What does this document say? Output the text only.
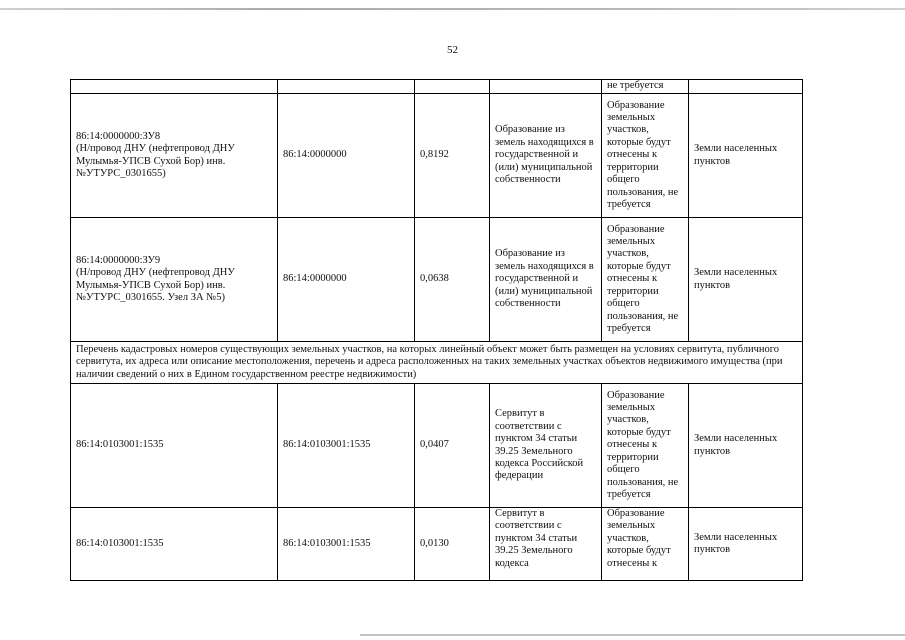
52
				не требуется	
86:14:0000000:ЗУ8
(Н/провод ДНУ (нефтепровод ДНУ Мулымья-УПСВ Сухой Бор) инв.№УТУРС_0301655)	86:14:0000000	0,8192	Образование из земель находящихся в государственной и (или) муниципальной собственности	Образование земельных участков, которые будут отнесены к территории общего пользования, не требуется	Земли населенных пунктов
86:14:0000000:ЗУ9
(Н/провод ДНУ (нефтепровод ДНУ Мулымья-УПСВ Сухой Бор) инв.№УТУРС_0301655. Узел ЗА №5)	86:14:0000000	0,0638	Образование из земель находящихся в государственной и (или) муниципальной собственности	Образование земельных участков, которые будут отнесены к территории общего пользования, не требуется	Земли населенных пунктов
Перечень кадастровых номеров существующих земельных участков, на которых линейный объект может быть размещен на условиях сервитута, публичного сервитута, их адреса или описание местоположения, перечень и адреса расположенных на таких земельных участках объектов недвижимого имущества (при наличии сведений о них в Едином государственном реестре недвижимости)					
86:14:0103001:1535	86:14:0103001:1535	0,0407	Сервитут в соответствии с пунктом 34 статьи 39.25 Земельного кодекса Российской федерации	Образование земельных участков, которые будут отнесены к территории общего пользования, не требуется	Земли населенных пунктов
86:14:0103001:1535	86:14:0103001:1535	0,0130	Сервитут в соответствии с пунктом 34 статьи 39.25 Земельного кодекса	Образование земельных участков, которые будут отнесены к	Земли населенных пунктов
